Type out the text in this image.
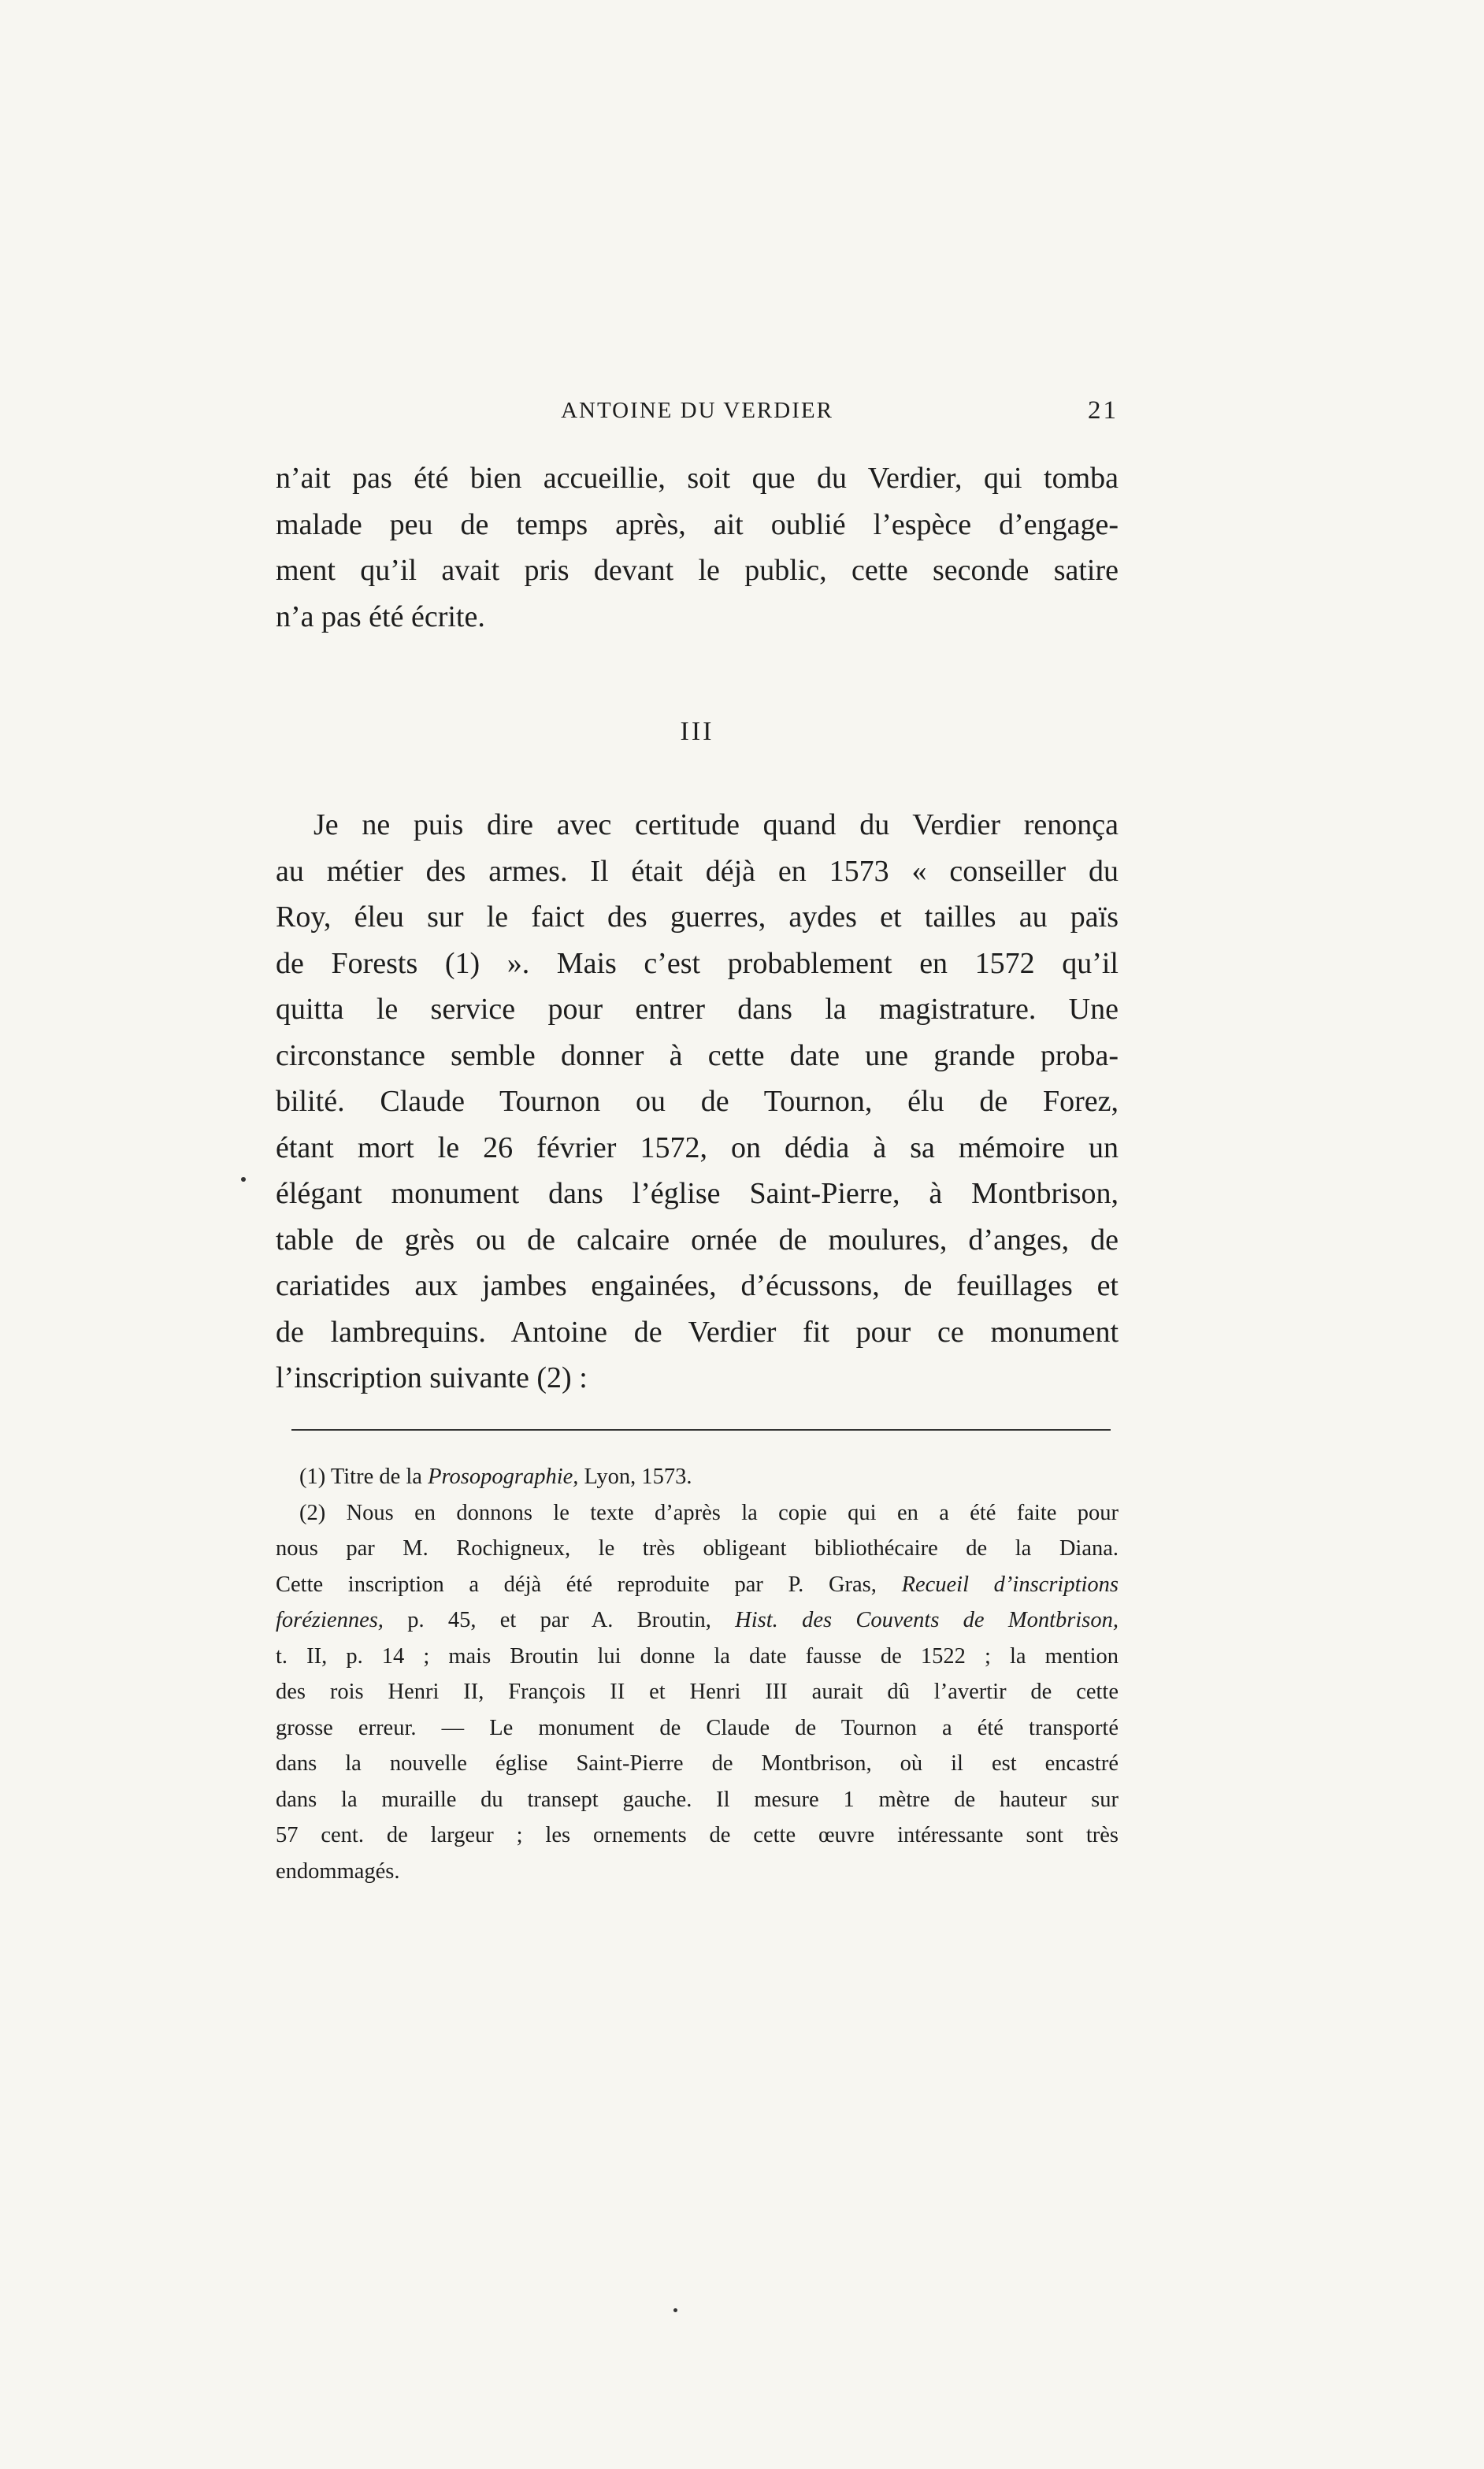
ANTOINE DU VERDIER	21

n’ait pas été bien accueillie, soit que du Verdier, qui tomba
malade peu de temps après, ait oublié l’espèce d’engage-
ment qu’il avait pris devant le public, cette seconde satire
n’a pas été écrite.

III

Je ne puis dire avec certitude quand du Verdier renonça
au métier des armes. Il était déjà en 1573 « conseiller du
Roy, éleu sur le faict des guerres, aydes et tailles au païs
de Forests (1) ». Mais c’est probablement en 1572 qu’il
quitta le service pour entrer dans la magistrature. Une
circonstance semble donner à cette date une grande proba-
bilité. Claude Tournon ou de Tournon, élu de Forez,
étant mort le 26 février 1572, on dédia à sa mémoire un
élégant monument dans l’église Saint-Pierre, à Montbrison,
table de grès ou de calcaire ornée de moulures, d’anges, de
cariatides aux jambes engainées, d’écussons, de feuillages et
de lambrequins. Antoine de Verdier fit pour ce monument
l’inscription suivante (2) :

(1) Titre de la Prosopographie, Lyon, 1573.
(2) Nous en donnons le texte d’après la copie qui en a été faite pour
nous par M. Rochigneux, le très obligeant bibliothécaire de la Diana.
Cette inscription a déjà été reproduite par P. Gras, Recueil d’inscriptions
foréziennes, p. 45, et par A. Broutin, Hist. des Couvents de Montbrison,
t. II, p. 14 ; mais Broutin lui donne la date fausse de 1522 ; la mention
des rois Henri II, François II et Henri III aurait dû l’avertir de cette
grosse erreur. — Le monument de Claude de Tournon a été transporté
dans la nouvelle église Saint-Pierre de Montbrison, où il est encastré
dans la muraille du transept gauche. Il mesure 1 mètre de hauteur sur
57 cent. de largeur ; les ornements de cette œuvre intéressante sont très
endommagés.
